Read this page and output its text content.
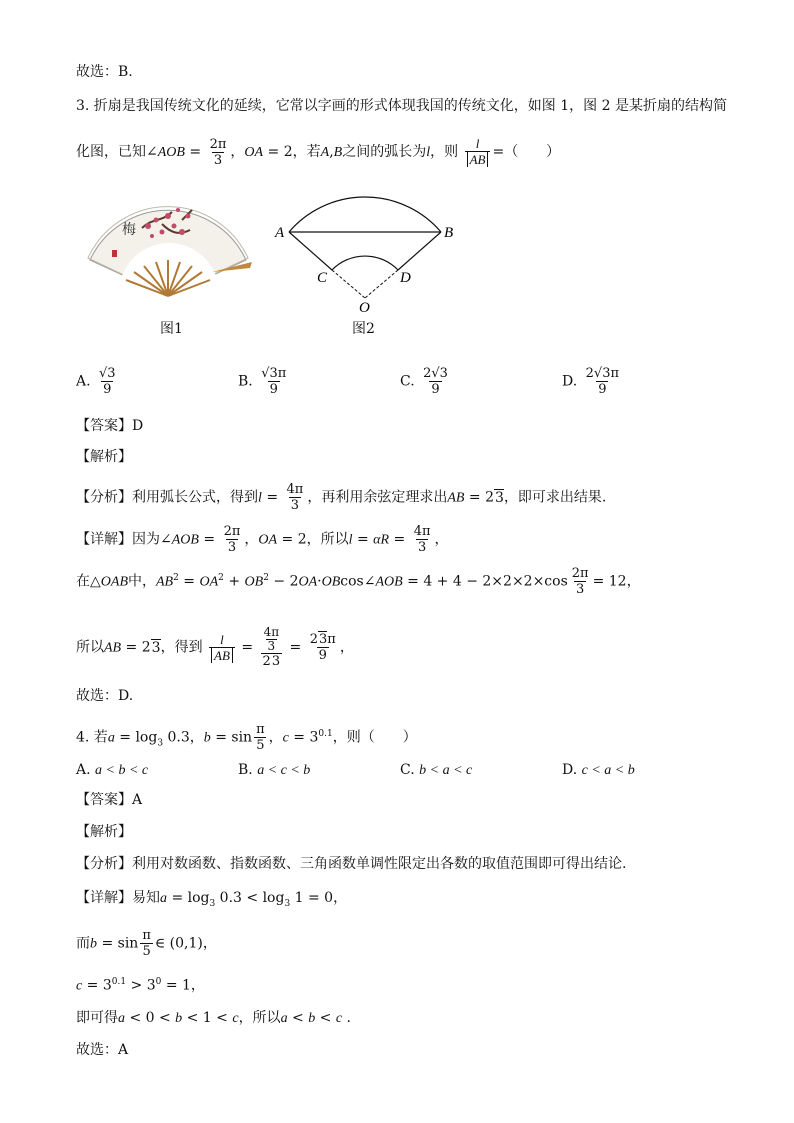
故选：B.
3. 折扇是我国传统文化的延续，它常以字画的形式体现我国的传统文化，如图 1，图 2 是某折扇的结构简
化图，已知∠AOB = $\frac{2\pi}{3}$ ，OA = 2，若A,B之间的弧长为l，则 $\frac{l}{AB}$ =（　　）
梅
图1
A	B
C	D
O
图2
A. $\frac{√3}{9}$	B. $\frac{√3\pi}{9}$	C. $\frac{2√3}{9}$	D. $\frac{2√3\pi}{9}$
【答案】D
【解析】
【分析】利用弧长公式，得到$l = \frac{4\pi}{3}$ ，再利用余弦定理求出AB = 23，即可求出结果.
【详解】因为∠AOB = $\frac{2\pi}{3}$ ，OA = 2，所以$l = \alpha R = \frac{4\pi}{3}$ ，
在△OAB中，$AB^2 = OA^2 + OB^2$ − 2OA·OBcos∠AOB = $4 + 4 - 2\times 2\times 2\times\cos \frac{2\pi}{3} = 12$，
所以AB = 23，得到 $\frac{l}{AB} = \frac{\frac{4\pi}{3}}{23} = \frac{23\pi}{9}$ ，
故选：D.
4. 若$a = \log_3 0.3$，$b = \sin \frac{\pi}{5}$ ，$c = 3^{0.1}$，则（　　）
A. a < b < c	B. a < c < b	C. b < a < c	D. c < a < b
【答案】A
【解析】
【分析】利用对数函数、指数函数、三角函数单调性限定出各数的取值范围即可得出结论.
【详解】易知$a = \log_3 0.3 < \log_3 1 = 0$，
而$b = \sin \frac{\pi}{5}$ ∈ (0,1)，
$c = 3^{0.1} > 3^0 = 1$，
即可得a < 0 < b < 1 < c，所以a < b < c .
故选：A
